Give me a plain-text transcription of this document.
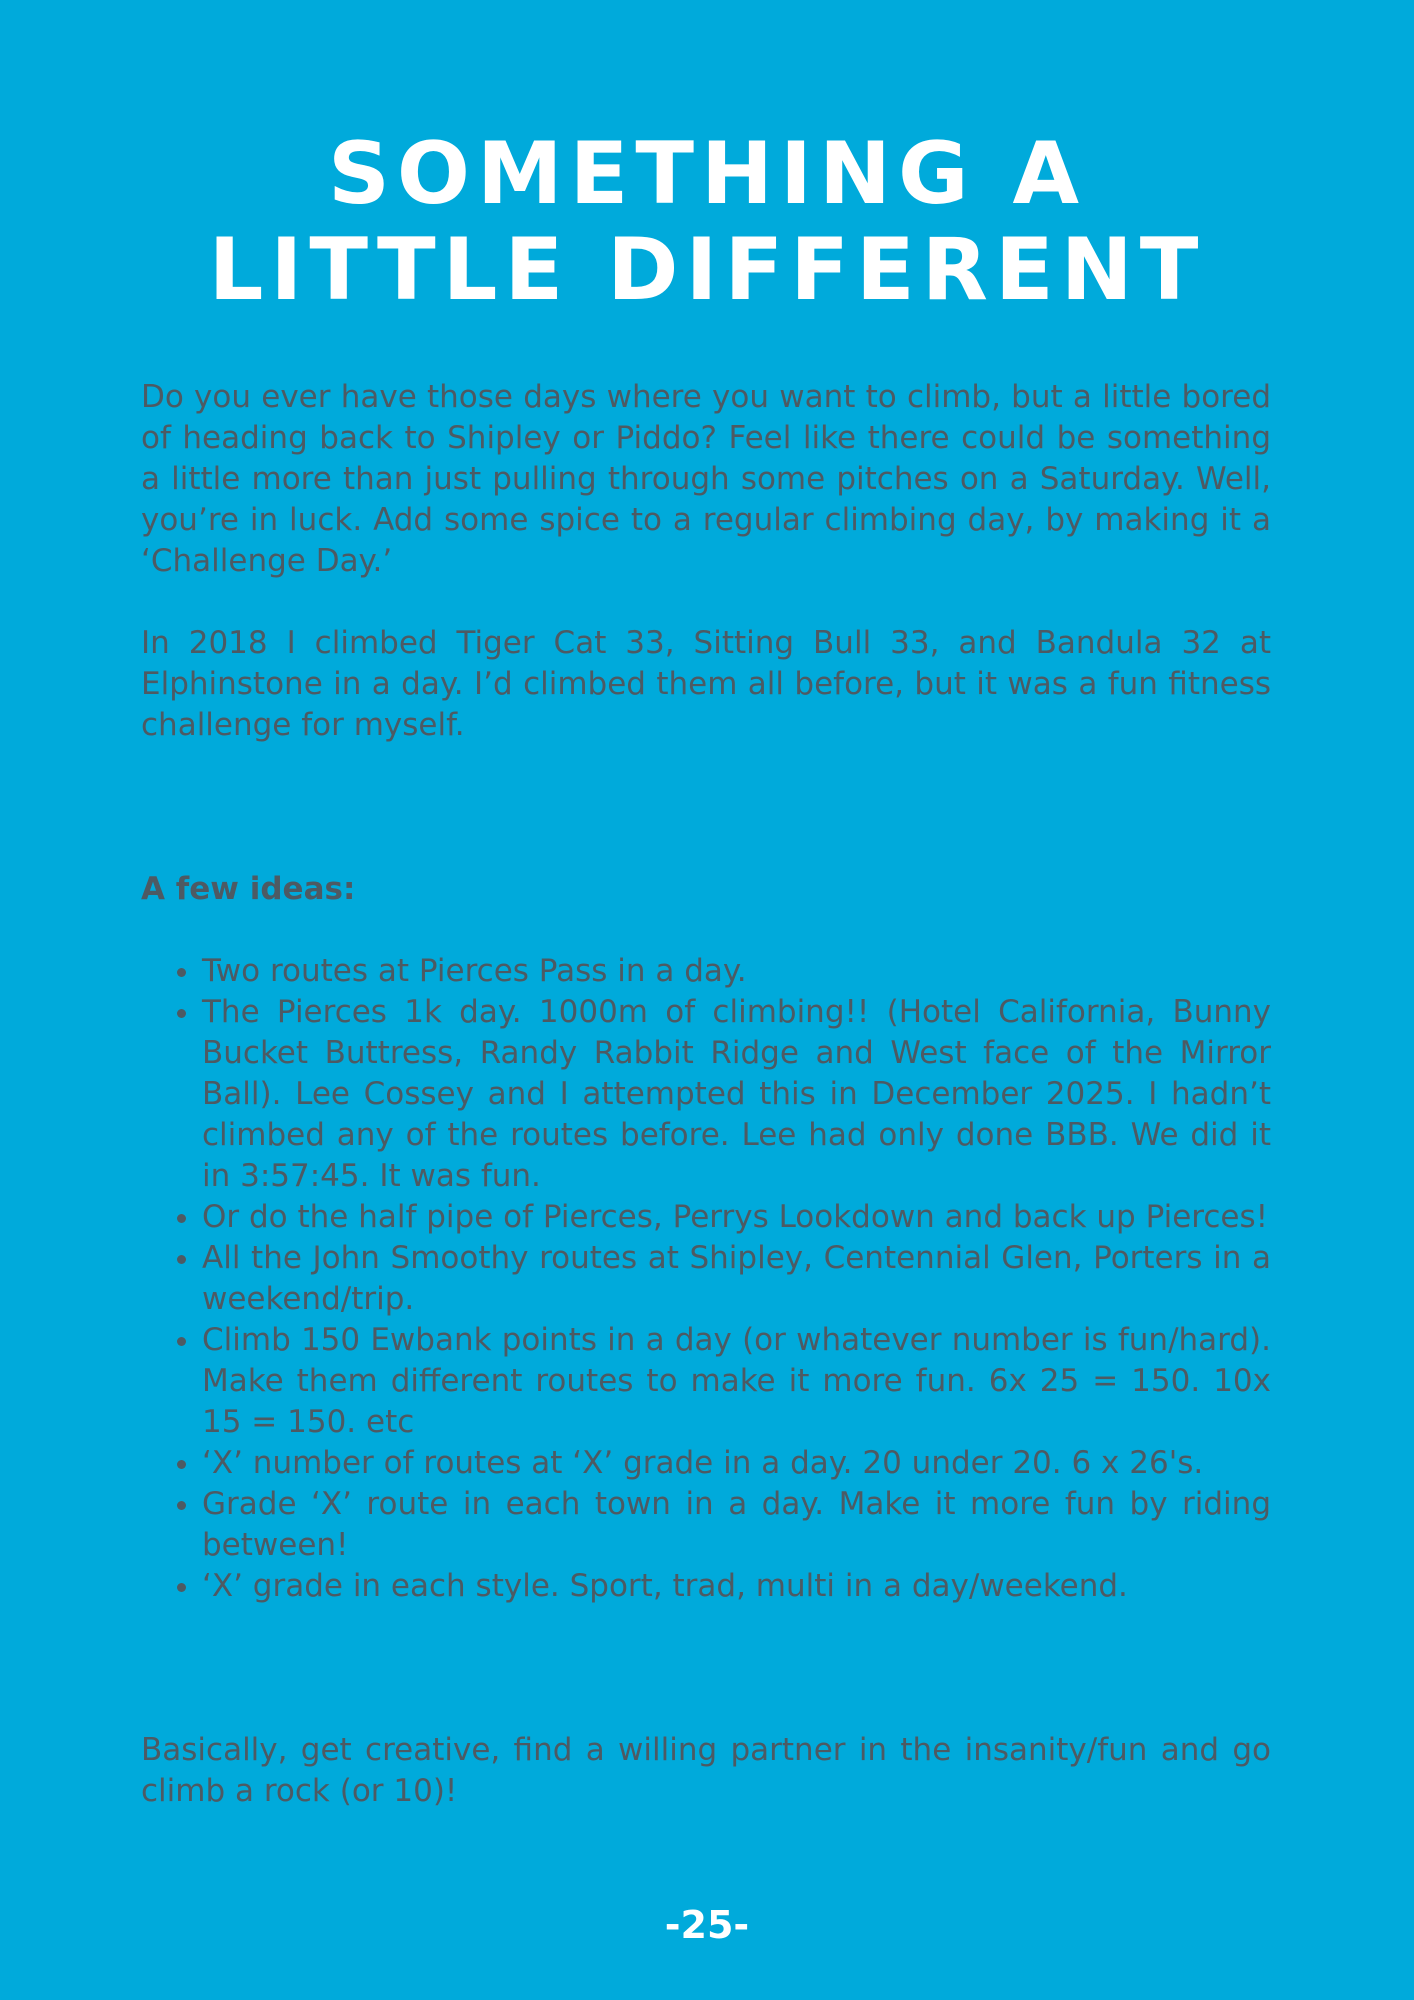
SOMETHING A
LITTLE DIFFERENT

Do you ever have those days where you want to climb, but a little bored of heading back to Shipley or Piddo? Feel like there could be something a little more than just pulling through some pitches on a Saturday. Well, you’re in luck. Add some spice to a regular climbing day, by making it a ‘Challenge Day.’

In 2018 I climbed Tiger Cat 33, Sitting Bull 33, and Bandula 32 at Elphinstone in a day. I’d climbed them all before, but it was a fun fitness challenge for myself.

A few ideas:

• Two routes at Pierces Pass in a day.
• The Pierces 1k day. 1000m of climbing!! (Hotel California, Bunny Bucket Buttress, Randy Rabbit Ridge and West face of the Mirror Ball). Lee Cossey and I attempted this in December 2025. I hadn’t climbed any of the routes before. Lee had only done BBB. We did it in 3:57:45. It was fun.
• Or do the half pipe of Pierces, Perrys Lookdown and back up Pierces!
• All the John Smoothy routes at Shipley, Centennial Glen, Porters in a weekend/trip.
• Climb 150 Ewbank points in a day (or whatever number is fun/hard). Make them different routes to make it more fun. 6x 25 = 150. 10x 15 = 150. etc
• ‘X’ number of routes at ‘X’ grade in a day. 20 under 20. 6 x 26's.
• Grade ‘X’ route in each town in a day. Make it more fun by riding between!
• ‘X’ grade in each style. Sport, trad, multi in a day/weekend.

Basically, get creative, find a willing partner in the insanity/fun and go climb a rock (or 10)!

-25-
